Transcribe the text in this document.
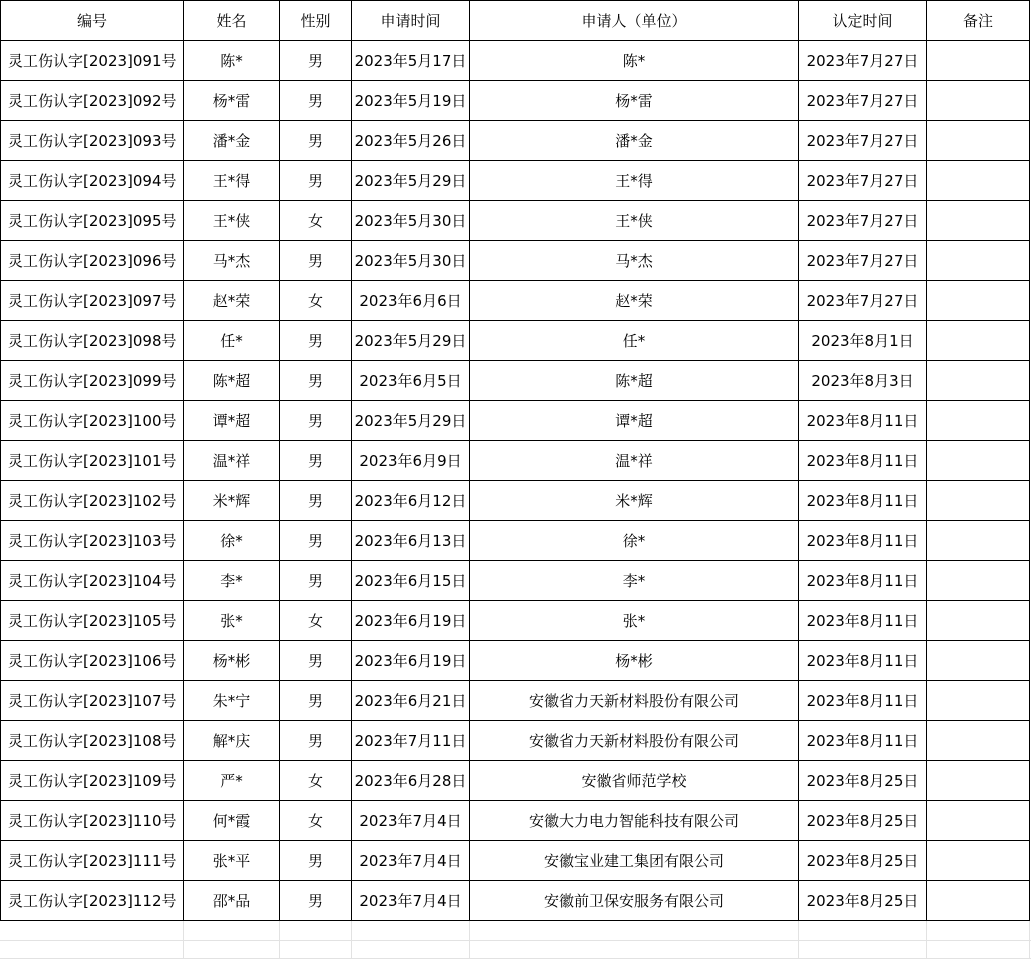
编号	姓名	性别	申请时间	申请人（单位）	认定时间	备注
灵工伤认字[2023]091号	陈*	男	2023年5月17日	陈*	2023年7月27日	
灵工伤认字[2023]092号	杨*雷	男	2023年5月19日	杨*雷	2023年7月27日	
灵工伤认字[2023]093号	潘*金	男	2023年5月26日	潘*金	2023年7月27日	
灵工伤认字[2023]094号	王*得	男	2023年5月29日	王*得	2023年7月27日	
灵工伤认字[2023]095号	王*侠	女	2023年5月30日	王*侠	2023年7月27日	
灵工伤认字[2023]096号	马*杰	男	2023年5月30日	马*杰	2023年7月27日	
灵工伤认字[2023]097号	赵*荣	女	2023年6月6日	赵*荣	2023年7月27日	
灵工伤认字[2023]098号	任*	男	2023年5月29日	任*	2023年8月1日	
灵工伤认字[2023]099号	陈*超	男	2023年6月5日	陈*超	2023年8月3日	
灵工伤认字[2023]100号	谭*超	男	2023年5月29日	谭*超	2023年8月11日	
灵工伤认字[2023]101号	温*祥	男	2023年6月9日	温*祥	2023年8月11日	
灵工伤认字[2023]102号	米*辉	男	2023年6月12日	米*辉	2023年8月11日	
灵工伤认字[2023]103号	徐*	男	2023年6月13日	徐*	2023年8月11日	
灵工伤认字[2023]104号	李*	男	2023年6月15日	李*	2023年8月11日	
灵工伤认字[2023]105号	张*	女	2023年6月19日	张*	2023年8月11日	
灵工伤认字[2023]106号	杨*彬	男	2023年6月19日	杨*彬	2023年8月11日	
灵工伤认字[2023]107号	朱*宁	男	2023年6月21日	安徽省力天新材料股份有限公司	2023年8月11日	
灵工伤认字[2023]108号	解*庆	男	2023年7月11日	安徽省力天新材料股份有限公司	2023年8月11日	
灵工伤认字[2023]109号	严*	女	2023年6月28日	安徽省师范学校	2023年8月25日	
灵工伤认字[2023]110号	何*霞	女	2023年7月4日	安徽大力电力智能科技有限公司	2023年8月25日	
灵工伤认字[2023]111号	张*平	男	2023年7月4日	安徽宝业建工集团有限公司	2023年8月25日	
灵工伤认字[2023]112号	邵*品	男	2023年7月4日	安徽前卫保安服务有限公司	2023年8月25日	
